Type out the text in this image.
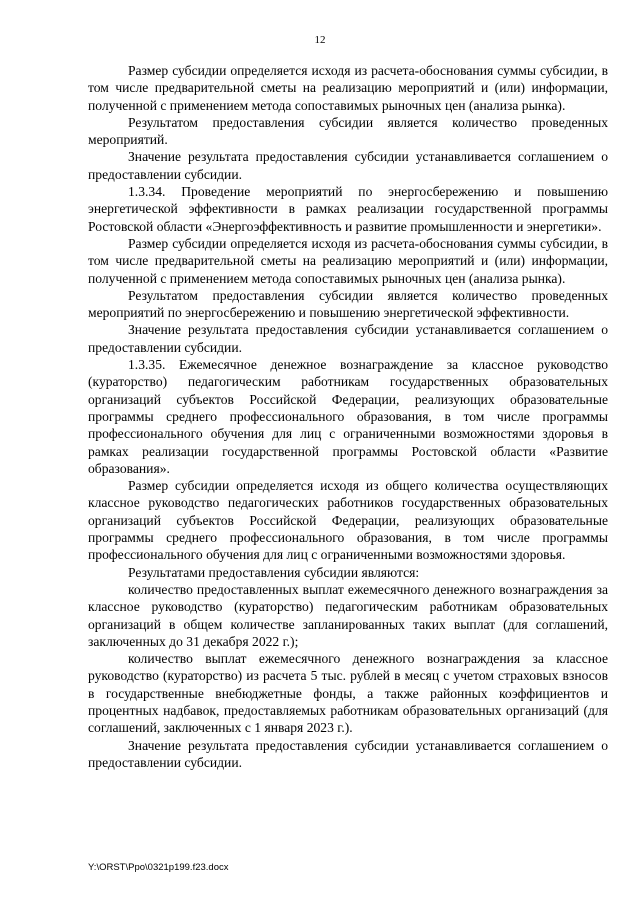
12

Размер субсидии определяется исходя из расчета-обоснования суммы субсидии, в том числе предварительной сметы на реализацию мероприятий и (или) информации, полученной с применением метода сопоставимых рыночных цен (анализа рынка).

Результатом предоставления субсидии является количество проведенных мероприятий.

Значение результата предоставления субсидии устанавливается соглашением о предоставлении субсидии.

1.3.34. Проведение мероприятий по энергосбережению и повышению энергетической эффективности в рамках реализации государственной программы Ростовской области «Энергоэффективность и развитие промышленности и энергетики».

Размер субсидии определяется исходя из расчета-обоснования суммы субсидии, в том числе предварительной сметы на реализацию мероприятий и (или) информации, полученной с применением метода сопоставимых рыночных цен (анализа рынка).

Результатом предоставления субсидии является количество проведенных мероприятий по энергосбережению и повышению энергетической эффективности.

Значение результата предоставления субсидии устанавливается соглашением о предоставлении субсидии.

1.3.35. Ежемесячное денежное вознаграждение за классное руководство (кураторство) педагогическим работникам государственных образовательных организаций субъектов Российской Федерации, реализующих образовательные программы среднего профессионального образования, в том числе программы профессионального обучения для лиц с ограниченными возможностями здоровья в рамках реализации государственной программы Ростовской области «Развитие образования».

Размер субсидии определяется исходя из общего количества осуществляющих классное руководство педагогических работников государственных образовательных организаций субъектов Российской Федерации, реализующих образовательные программы среднего профессионального образования, в том числе программы профессионального обучения для лиц с ограниченными возможностями здоровья.

Результатами предоставления субсидии являются:

количество предоставленных выплат ежемесячного денежного вознаграждения за классное руководство (кураторство) педагогическим работникам образовательных организаций в общем количестве запланированных таких выплат (для соглашений, заключенных до 31 декабря 2022 г.);

количество выплат ежемесячного денежного вознаграждения за классное руководство (кураторство) из расчета 5 тыс. рублей в месяц с учетом страховых взносов в государственные внебюджетные фонды, а также районных коэффициентов и процентных надбавок, предоставляемых работникам образовательных организаций (для соглашений, заключенных с 1 января 2023 г.).

Значение результата предоставления субсидии устанавливается соглашением о предоставлении субсидии.

Y:\ORST\Ppo\0321p199.f23.docx
